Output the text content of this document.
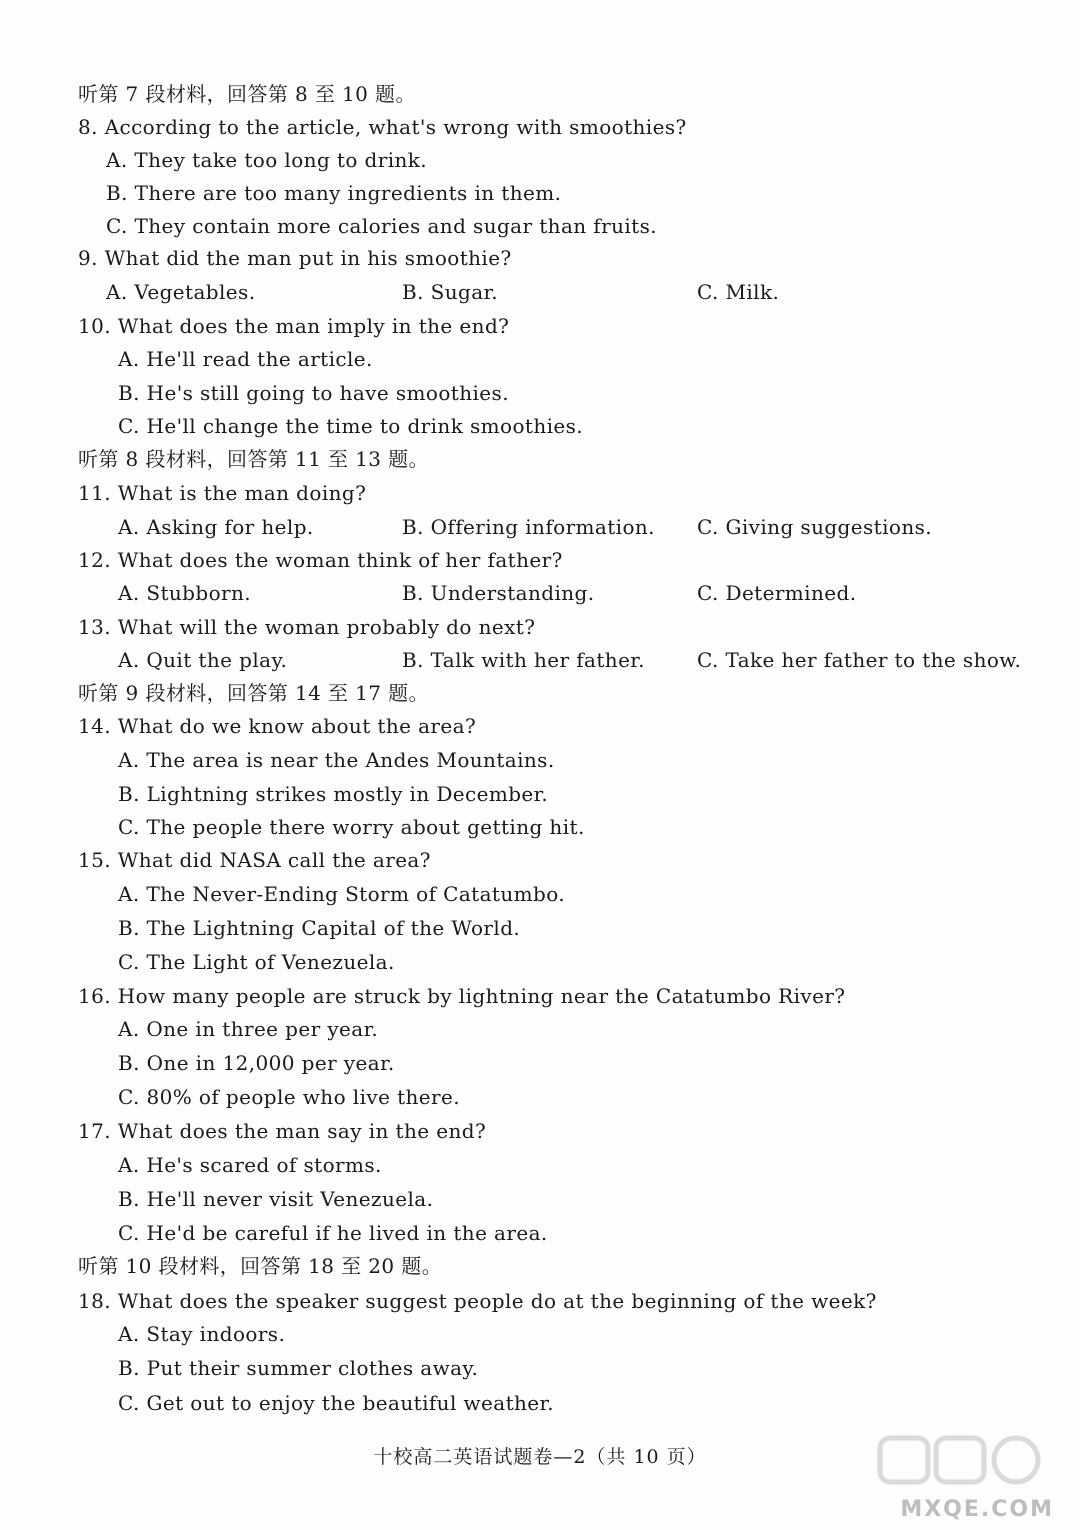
听第 7 段材料，回答第 8 至 10 题。
8. According to the article, what's wrong with smoothies?
A. They take too long to drink.
B. There are too many ingredients in them.
C. They contain more calories and sugar than fruits.
9. What did the man put in his smoothie?
A. Vegetables.	B. Sugar.	C. Milk.
10. What does the man imply in the end?
A. He'll read the article.
B. He's still going to have smoothies.
C. He'll change the time to drink smoothies.
听第 8 段材料，回答第 11 至 13 题。
11. What is the man doing?
A. Asking for help.	B. Offering information. C. Giving suggestions.
12. What does the woman think of her father?
A. Stubborn.	B. Understanding.	C. Determined.
13. What will the woman probably do next?
A. Quit the play.	B. Talk with her father.	C. Take her father to the show.
听第 9 段材料，回答第 14 至 17 题。
14. What do we know about the area?
A. The area is near the Andes Mountains.
B. Lightning strikes mostly in December.
C. The people there worry about getting hit.
15. What did NASA call the area?
A. The Never-Ending Storm of Catatumbo.
B. The Lightning Capital of the World.
C. The Light of Venezuela.
16. How many people are struck by lightning near the Catatumbo River?
A. One in three per year.
B. One in 12,000 per year.
C. 80% of people who live there.
17. What does the man say in the end?
A. He's scared of storms.
B. He'll never visit Venezuela.
C. He'd be careful if he lived in the area.
听第 10 段材料，回答第 18 至 20 题。
18. What does the speaker suggest people do at the beginning of the week?
A. Stay indoors.
B. Put their summer clothes away.
C. Get out to enjoy the beautiful weather.
十校高二英语试题卷—2（共 10 页）
MXQE.COM
